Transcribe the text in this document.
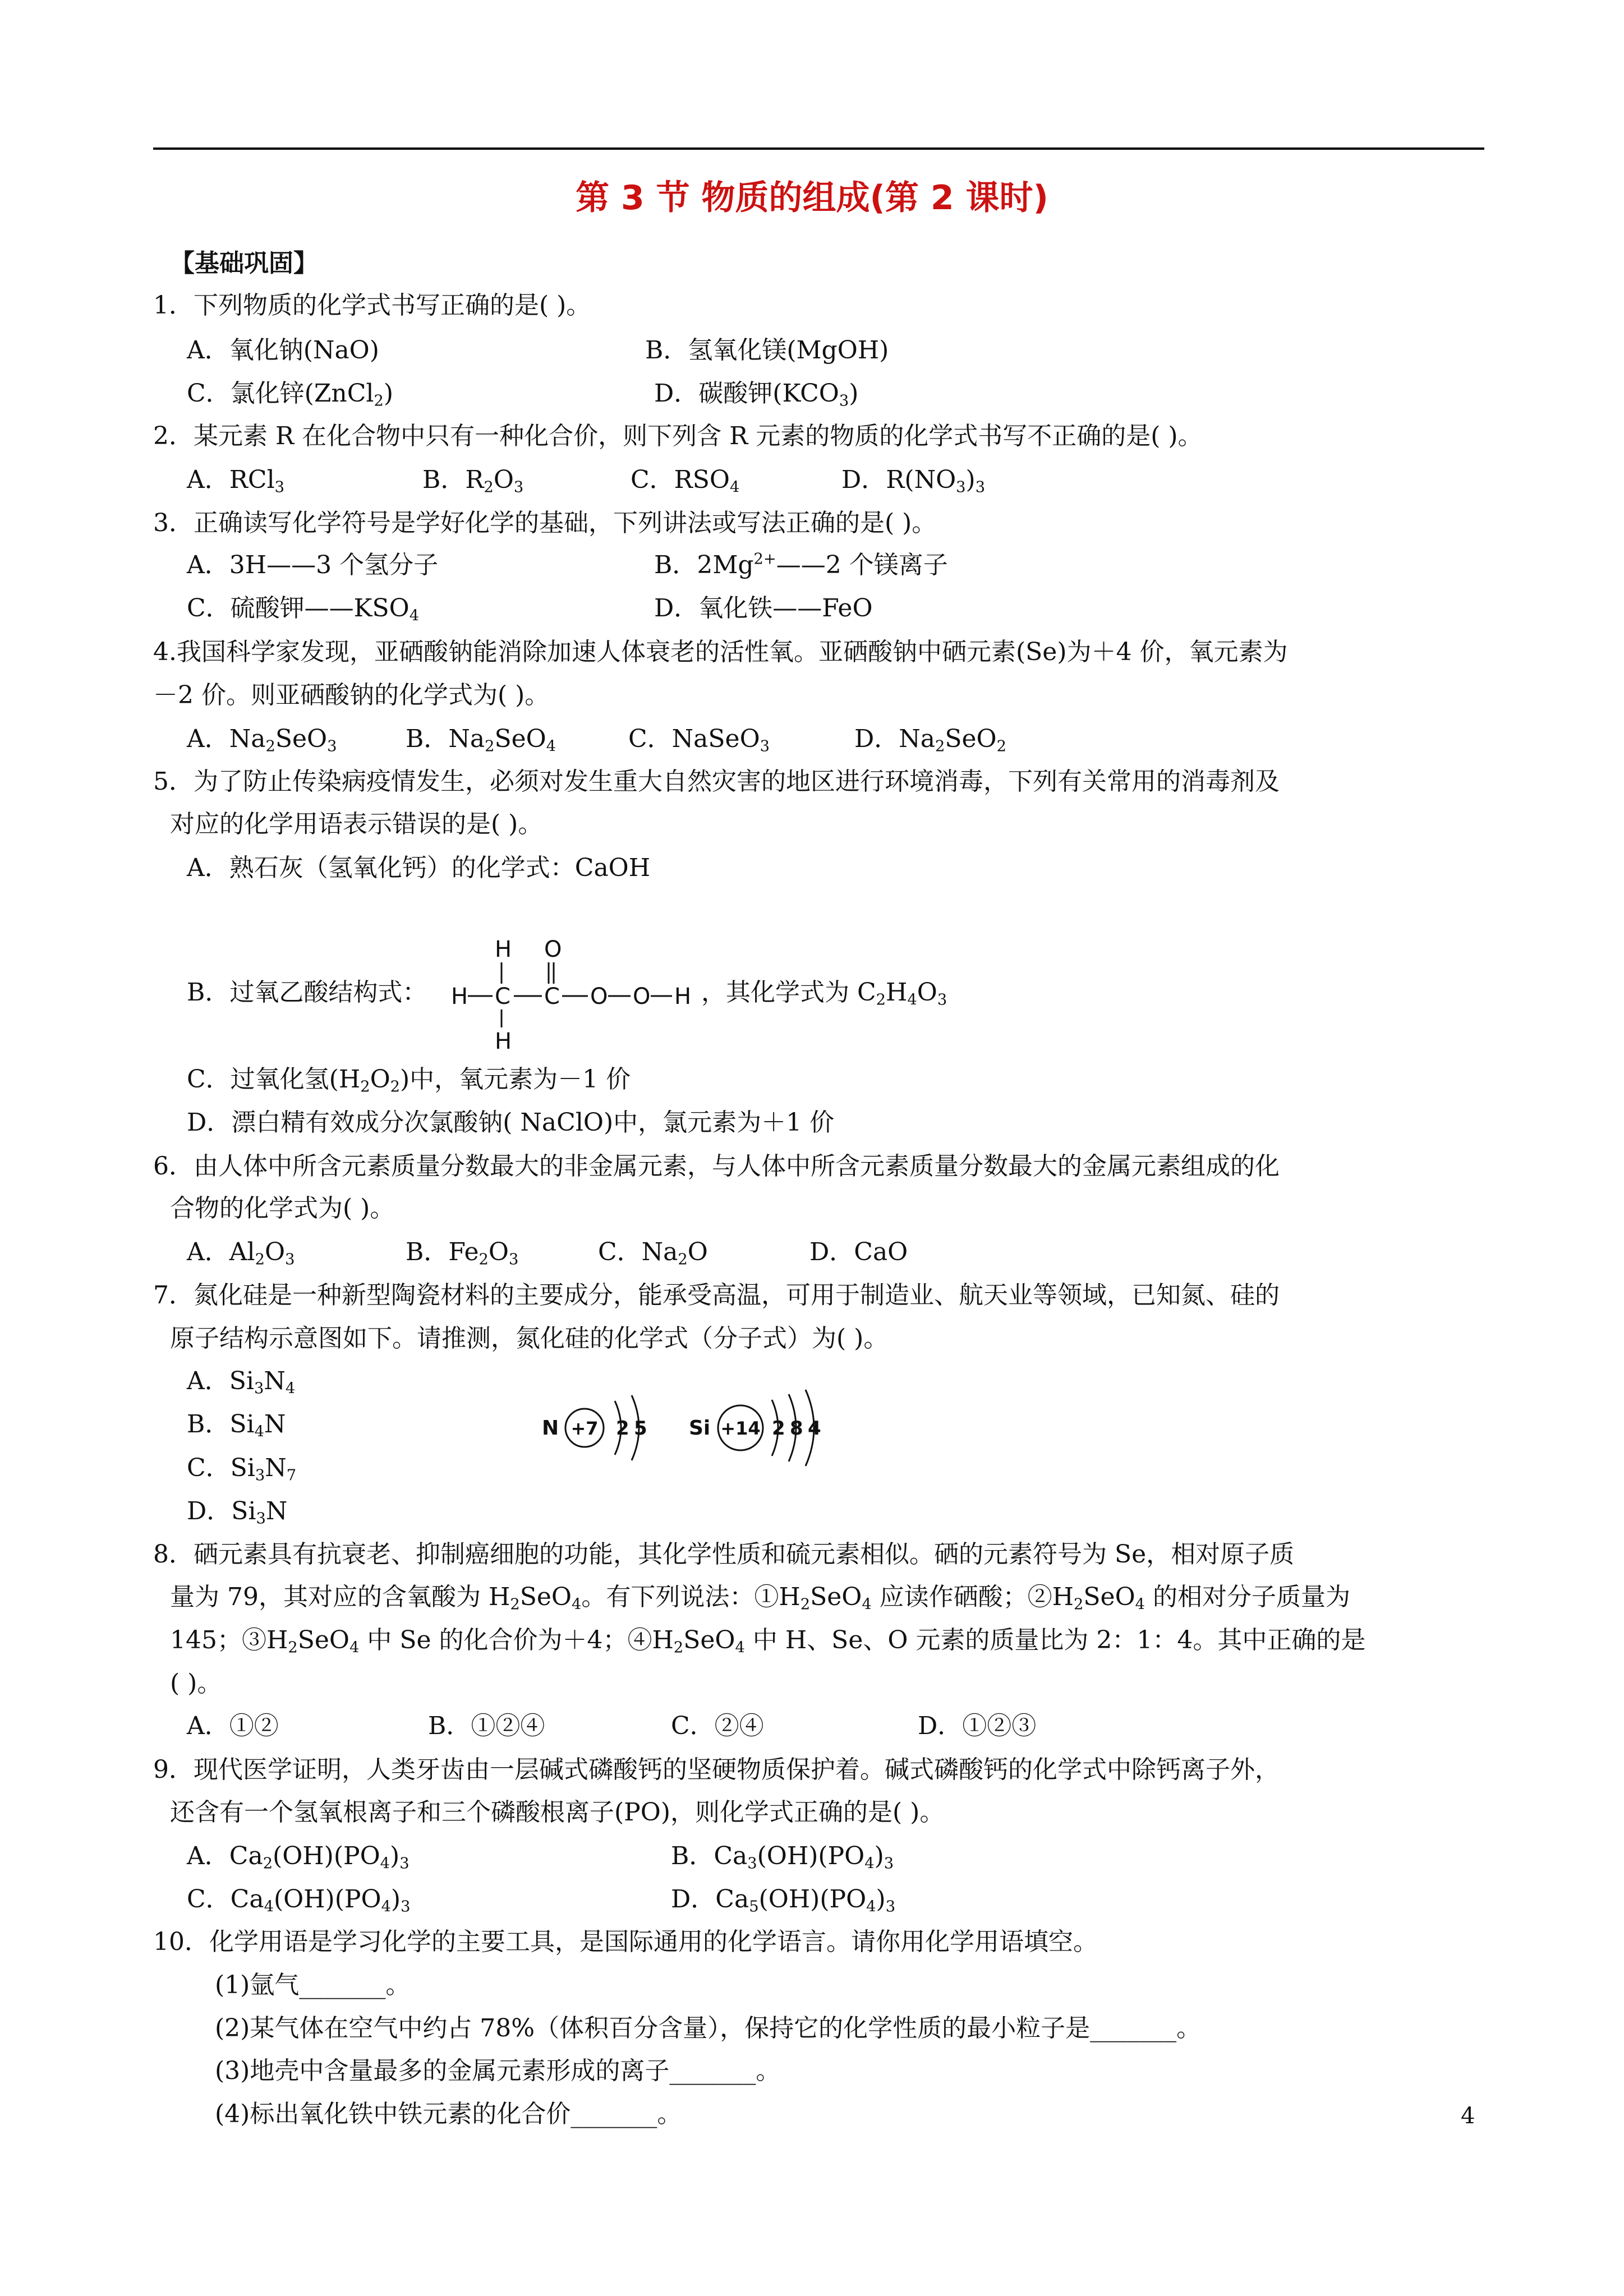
第 3 节 物质的组成(第 2 课时)
【基础巩固】
1．下列物质的化学式书写正确的是( )。
A．氧化钠(NaO)	B．氢氧化镁(MgOH)
C．氯化锌(ZnCl$_2$)	D．碳酸钾$(KCO_3)$
2．某元素 R 在化合物中只有一种化合价，则下列含 R 元素的物质的化学式书写不正确的是( )。
A．RCl$_3$	B．$R_2O_3$	C．$RSO_4$	D．$R(NO_3)_3$
3．正确读写化学符号是学好化学的基础，下列讲法或写法正确的是( )。
A．3H——3 个氢分子	B．$2Mg^{2+}——2$ 个镁离子
C．硫酸钾$——KSO_4$	D．氧化铁——FeO
4.我国科学家发现，亚硒酸钠能消除加速人体衰老的活性氧。亚硒酸钠中硒元素(Se)为＋4 价，氧元素为
－2 价。则亚硒酸钠的化学式为( )。
A．$Na_2SeO_3$	B．$Na_2SeO_4$	C．NaSeO$_3$	D．$Na_2SeO_2$
5．为了防止传染病疫情发生，必须对发生重大自然灾害的地区进行环境消毒，下列有关常用的消毒剂及
对应的化学用语表示错误的是( )。
A．熟石灰（氢氧化钙）的化学式：CaOH
B．过氧乙酸结构式：
H O
H C C O O H
H
，其化学式为 $C_2H_4O_3$
C．过氧化氢$(H_2O_2)$中，氧元素为－1 价
D．漂白精有效成分次氯酸钠( NaClO)中，氯元素为＋1 价
6．由人体中所含元素质量分数最大的非金属元素，与人体中所含元素质量分数最大的金属元素组成的化
合物的化学式为( )。
A．$Al_2O_3$	B．$Fe_2O_3$	C．$Na_2O$	D．CaO
7．氮化硅是一种新型陶瓷材料的主要成分，能承受高温，可用于制造业、航天业等领域，已知氮、硅的
原子结构示意图如下。请推测，氮化硅的化学式（分子式）为( )。
A．$Si_3N_4$
B．$Si_4N$
C．$Si_3N_7$
D．$Si_3N$
N +7 2 5 Si +14 2 8 4
8．硒元素具有抗衰老、抑制癌细胞的功能，其化学性质和硫元素相似。硒的元素符号为 Se，相对原子质
量为 79，其对应的含氧酸为 $H_2SeO_4$。有下列说法：$①H_2SeO_4$ 应读作硒酸；$②H_2SeO_4$ 的相对分子质量为
145；$③H_2SeO_4$ 中 Se 的化合价为＋4；$④H_2SeO_4$ 中 H、Se、O 元素的质量比为 2：1：4。其中正确的是
( )。
A．①②	B．①②④	C．②④	D．①②③
9．现代医学证明，人类牙齿由一层碱式磷酸钙的坚硬物质保护着。碱式磷酸钙的化学式中除钙离子外，
还含有一个氢氧根离子和三个磷酸根离子(PO)，则化学式正确的是( )。
A．$Ca_2(OH)(PO_4)_3$	B．$Ca_3(OH)(PO_4)_3$
C．$Ca_4(OH)(PO_4)_3$	D．$Ca_5(OH)(PO_4)_3$
10．化学用语是学习化学的主要工具，是国际通用的化学语言。请你用化学用语填空。
(1)氩气_______。
(2)某气体在空气中约占 78%（体积百分含量），保持它的化学性质的最小粒子是_______。
(3)地壳中含量最多的金属元素形成的离子_______。
(4)标出氧化铁中铁元素的化合价_______。	4
